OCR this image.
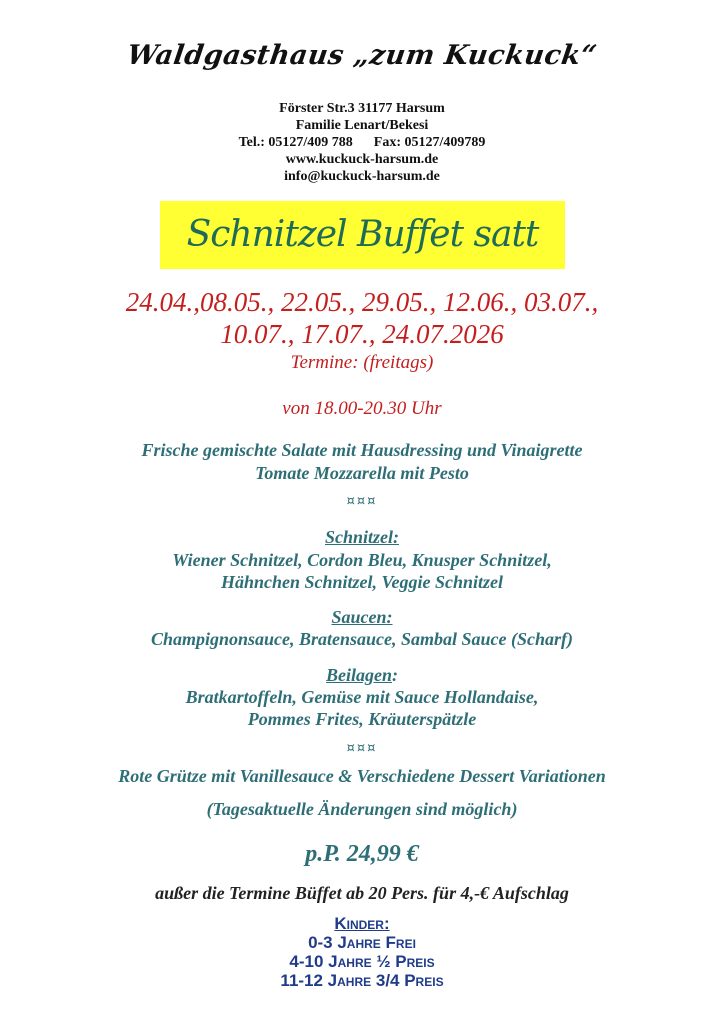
Waldgasthaus „zum Kuckuck“
Förster Str.3 31177 Harsum
Familie Lenart/Bekesi
Tel.: 05127/409 788      Fax: 05127/409789
www.kuckuck-harsum.de
info@kuckuck-harsum.de
Schnitzel Buffet satt
24.04.,08.05., 22.05., 29.05., 12.06., 03.07.,
10.07., 17.07., 24.07.2026
Termine: (freitags)
von 18.00-20.30 Uhr
Frische gemischte Salate mit Hausdressing und Vinaigrette
Tomate Mozzarella mit Pesto
¤¤¤
Schnitzel:
Wiener Schnitzel, Cordon Bleu, Knusper Schnitzel,
Hähnchen Schnitzel, Veggie Schnitzel
Saucen:
Champignonsauce, Bratensauce, Sambal Sauce (Scharf)
Beilagen:
Bratkartoffeln, Gemüse mit Sauce Hollandaise,
Pommes Frites, Kräuterspätzle
¤¤¤
Rote Grütze mit Vanillesauce & Verschiedene Dessert Variationen
(Tagesaktuelle Änderungen sind möglich)
p.P. 24,99 €
außer die Termine Büffet ab 20 Pers. für 4,-€ Aufschlag
Kinder:
0-3 Jahre Frei
4-10 Jahre ½ Preis
11-12 Jahre 3/4 Preis
